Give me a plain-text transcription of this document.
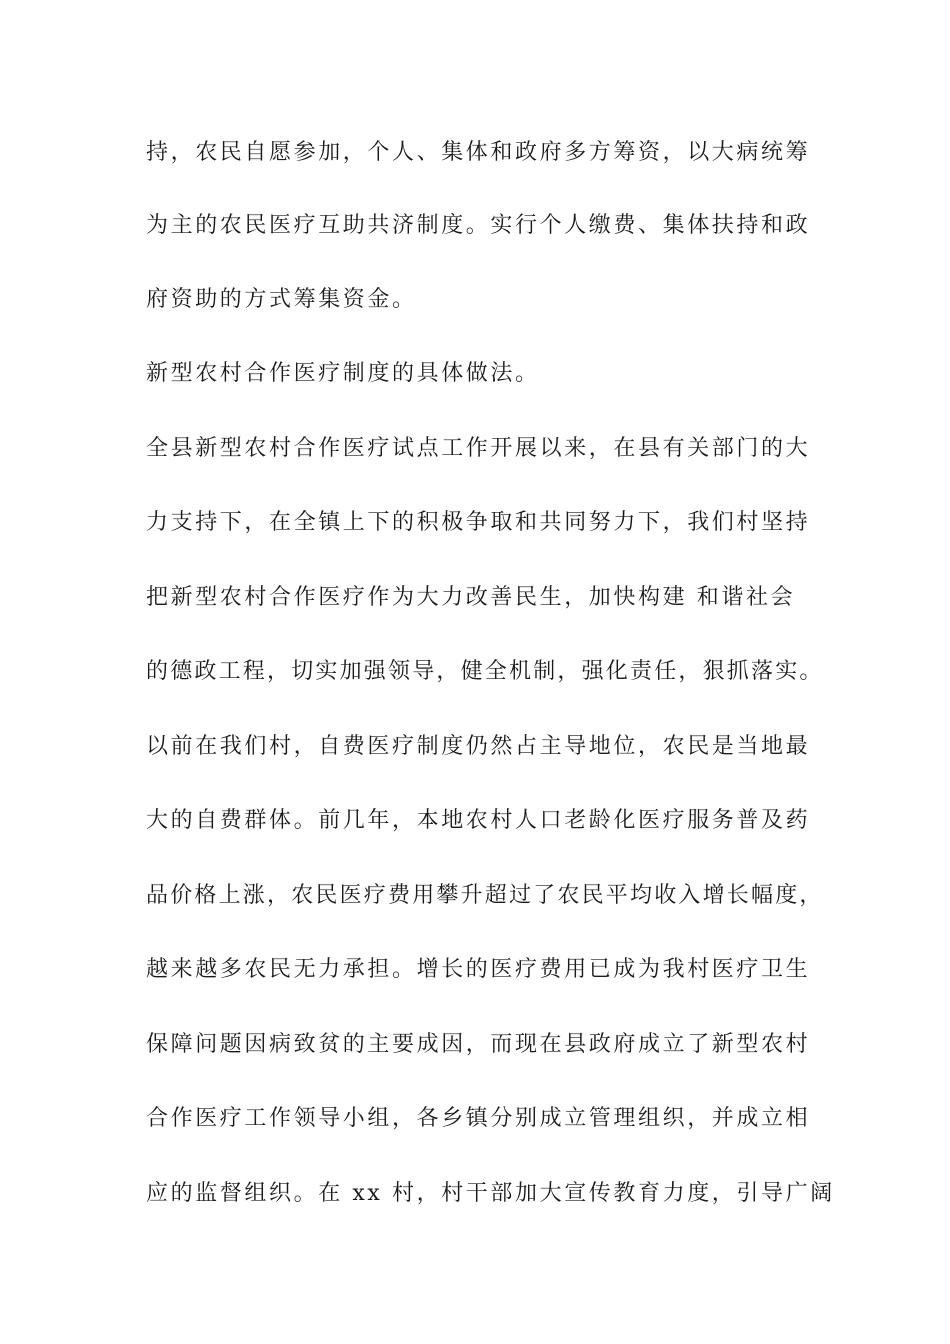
持，农民自愿参加，个人、集体和政府多方筹资，以大病统筹
为主的农民医疗互助共济制度。实行个人缴费、集体扶持和政
府资助的方式筹集资金。
新型农村合作医疗制度的具体做法。
全县新型农村合作医疗试点工作开展以来，在县有关部门的大
力支持下，在全镇上下的积极争取和共同努力下，我们村坚持
把新型农村合作医疗作为大力改善民生，加快构建 和谐社会
的德政工程，切实加强领导，健全机制，强化责任，狠抓落实。
以前在我们村，自费医疗制度仍然占主导地位，农民是当地最
大的自费群体。前几年，本地农村人口老龄化医疗服务普及药
品价格上涨，农民医疗费用攀升超过了农民平均收入增长幅度，
越来越多农民无力承担。增长的医疗费用已成为我村医疗卫生
保障问题因病致贫的主要成因，而现在县政府成立了新型农村
合作医疗工作领导小组，各乡镇分别成立管理组织，并成立相
应的监督组织。在 xx 村，村干部加大宣传教育力度，引导广阔
